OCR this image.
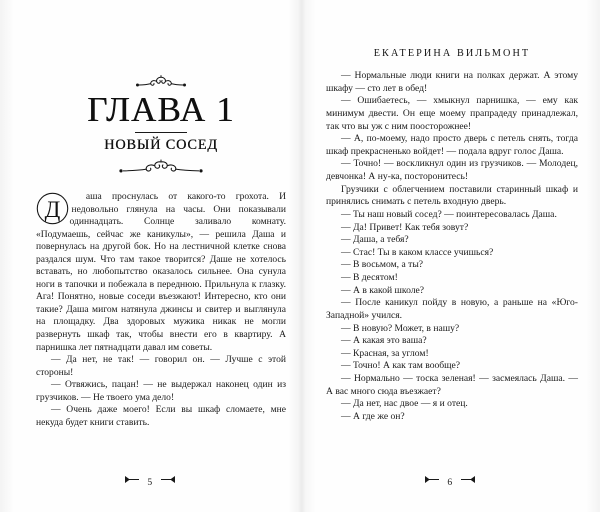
ГЛАВА 1
НОВЫЙ СОСЕД
Д

аша проснулась от какого-то грохота. И недовольно глянула на часы. Они показывали одиннадцать. Солнце заливало комнату. «Подумаешь, сейчас же каникулы», — решила Даша и повернулась на другой бок. Но на лестничной клетке снова раздался шум. Что там такое творится? Даше не хотелось вставать, но любопытство оказалось сильнее. Она сунула ноги в тапочки и побежала в переднюю. Прильнула к глазку. Ага! Понятно, новые соседи въезжают! Интересно, кто они такие? Даша мигом натянула джинсы и свитер и выглянула на площадку. Два здоровых мужика никак не могли развернуть шкаф так, чтобы внести его в квартиру. А парнишка лет пятнадцати давал им советы.

— Да нет, не так! — говорил он. — Лучше с этой стороны!

— Отвяжись, пацан! — не выдержал наконец один из грузчиков. — Не твоего ума дело!

— Очень даже моего! Если вы шкаф сломаете, мне некуда будет книги ставить.

5
ЕКАТЕРИНА ВИЛЬМОНТ

— Нормальные люди книги на полках держат. А этому шкафу — сто лет в обед!

— Ошибаетесь, — хмыкнул парнишка, — ему как минимум двести. Он еще моему прапрадеду принадлежал, так что вы уж с ним поосторожнее!

— А, по-моему, надо просто дверь с петель снять, тогда шкаф прекрасненько войдет! — подала вдруг голос Даша.

— Точно! — воскликнул один из грузчиков. — Молодец, девчонка! А ну-ка, посторонитесь!

Грузчики с облегчением поставили старинный шкаф и принялись снимать с петель входную дверь.

— Ты наш новый сосед? — поинтересовалась Даша.

— Да! Привет! Как тебя зовут?

— Даша, а тебя?

— Стас! Ты в каком классе учишься?

— В восьмом, а ты?

— В десятом!

— А в какой школе?

— После каникул пойду в новую, а раньше на «Юго-Западной» учился.

— В новую? Может, в нашу?

— А какая это ваша?

— Красная, за углом!

— Точно! А как там вообще?

— Нормально — тоска зеленая! — засмеялась Даша. — А вас много сюда въезжает?

— Да нет, нас двое — я и отец.

— А где же он?

6
